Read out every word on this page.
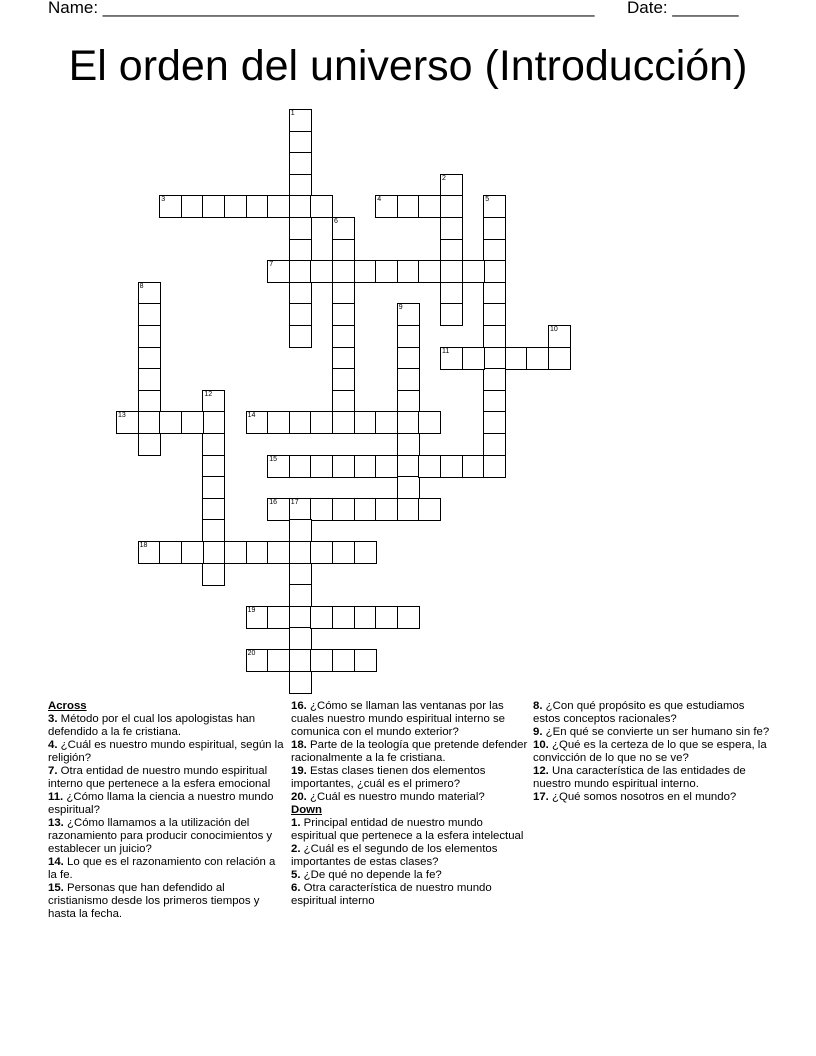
Name: ____________________________________________________ Date: _______
El orden del universo (Introducción)
1
2
3	4	5
6
7
8
9
10
11
12
13	14
15
16 17
18
19
20
Across
3. Método por el cual los apologistas han defendido a la fe cristiana.
4. ¿Cuál es nuestro mundo espiritual, según la religión?
7. Otra entidad de nuestro mundo espiritual interno que pertenece a la esfera emocional
11. ¿Cómo llama la ciencia a nuestro mundo espiritual?
13. ¿Cómo llamamos a la utilización del razonamiento para producir conocimientos y establecer un juicio?
14. Lo que es el razonamiento con relación a la fe.
15. Personas que han defendido al cristianismo desde los primeros tiempos y hasta la fecha.
16. ¿Cómo se llaman las ventanas por las cuales nuestro mundo espiritual interno se comunica con el mundo exterior?
18. Parte de la teología que pretende defender racionalmente a la fe cristiana.
19. Estas clases tienen dos elementos importantes, ¿cuál es el primero?
20. ¿Cuál es nuestro mundo material?
Down
1. Principal entidad de nuestro mundo espiritual que pertenece a la esfera intelectual
2. ¿Cuál es el segundo de los elementos importantes de estas clases?
5. ¿De qué no depende la fe?
6. Otra característica de nuestro mundo espiritual interno
8. ¿Con qué propósito es que estudiamos estos conceptos racionales?
9. ¿En qué se convierte un ser humano sin fe?
10. ¿Qué es la certeza de lo que se espera, la convicción de lo que no se ve?
12. Una característica de las entidades de nuestro mundo espiritual interno.
17. ¿Qué somos nosotros en el mundo?
